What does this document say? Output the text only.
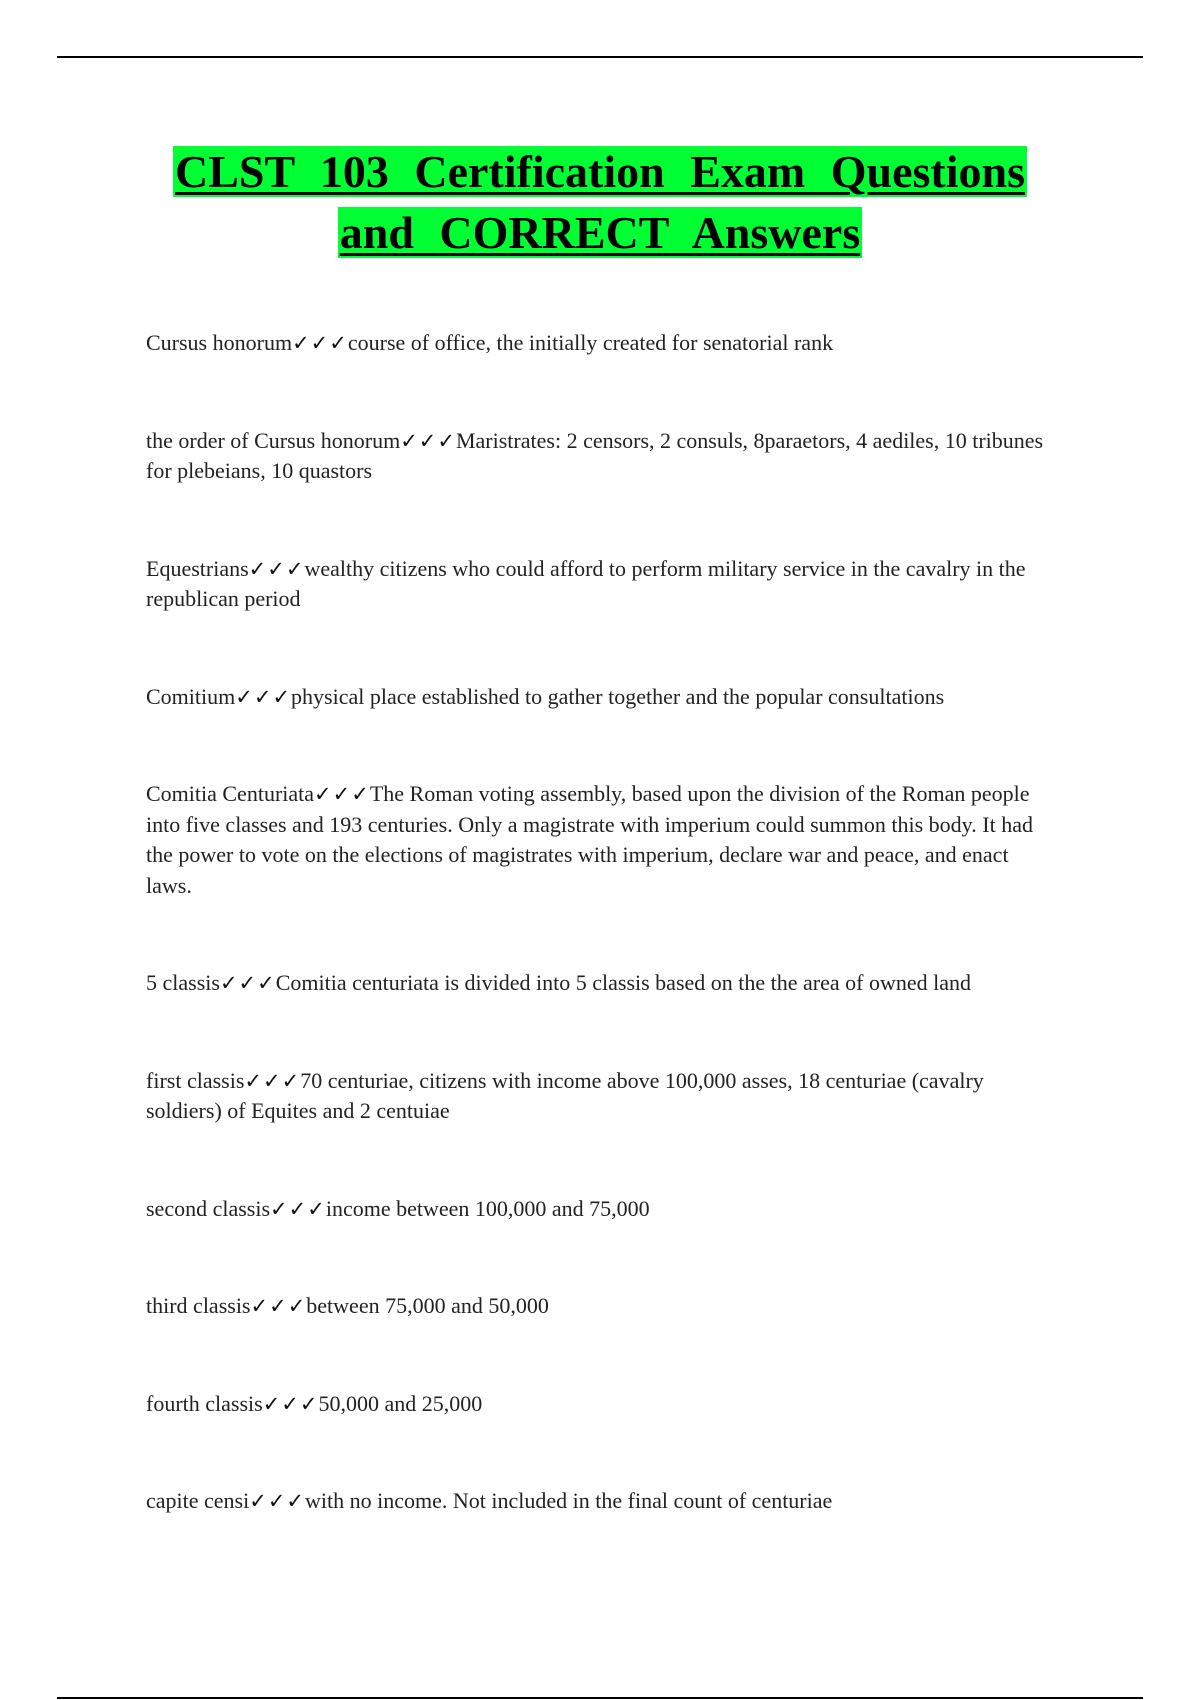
CLST 103 Certification Exam Questions
and CORRECT Answers
Cursus honorum✓✓✓course of office, the initially created for senatorial rank
the order of Cursus honorum✓✓✓Maristrates: 2 censors, 2 consuls, 8paraetors, 4 aediles, 10 tribunes for plebeians, 10 quastors
Equestrians✓✓✓wealthy citizens who could afford to perform military service in the cavalry in the republican period
Comitium✓✓✓physical place established to gather together and the popular consultations
Comitia Centuriata✓✓✓The Roman voting assembly, based upon the division of the Roman people into five classes and 193 centuries. Only a magistrate with imperium could summon this body. It had the power to vote on the elections of magistrates with imperium, declare war and peace, and enact laws.
5 classis✓✓✓Comitia centuriata is divided into 5 classis based on the the area of owned land
first classis✓✓✓70 centuriae, citizens with income above 100,000 asses, 18 centuriae (cavalry soldiers) of Equites and 2 centuiae
second classis✓✓✓income between 100,000 and 75,000
third classis✓✓✓between 75,000 and 50,000
fourth classis✓✓✓50,000 and 25,000
capite censi✓✓✓with no income. Not included in the final count of centuriae
